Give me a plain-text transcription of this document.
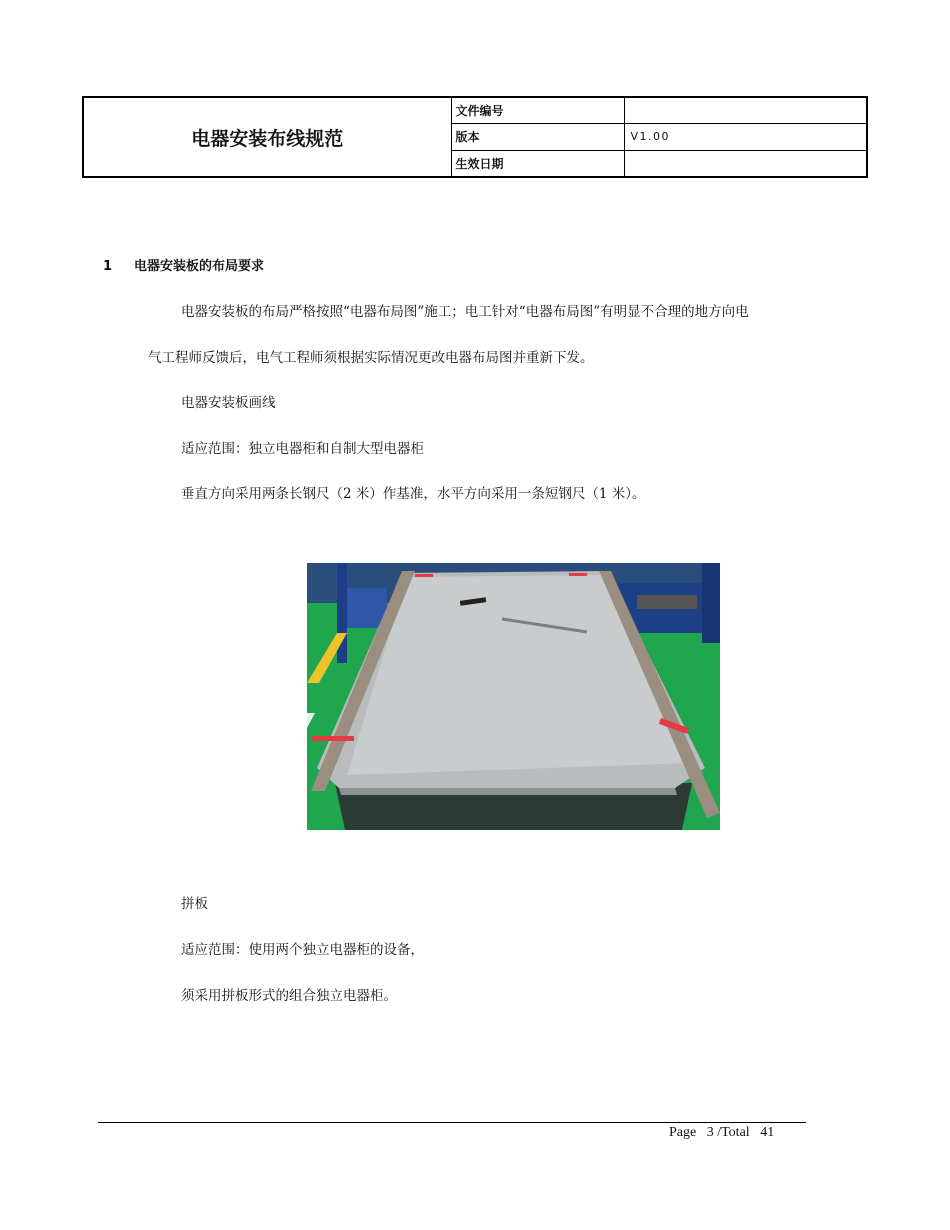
电器安装布线规范	文件编号	
	版本	V1.00
	生效日期	
1 电器安装板的布局要求
电器安装板的布局严格按照“电器布局图”施工；电工针对“电器布局图”有明显不合理的地方向电
气工程师反馈后，电气工程师须根据实际情况更改电器布局图并重新下发。
电器安装板画线
适应范围：独立电器柜和自制大型电器柜
垂直方向采用两条长钢尺（2 米）作基准，水平方向采用一条短钢尺（1 米）。
拼板
适应范围：使用两个独立电器柜的设备，
须采用拼板形式的组合独立电器柜。
Page 3 /Total 41
